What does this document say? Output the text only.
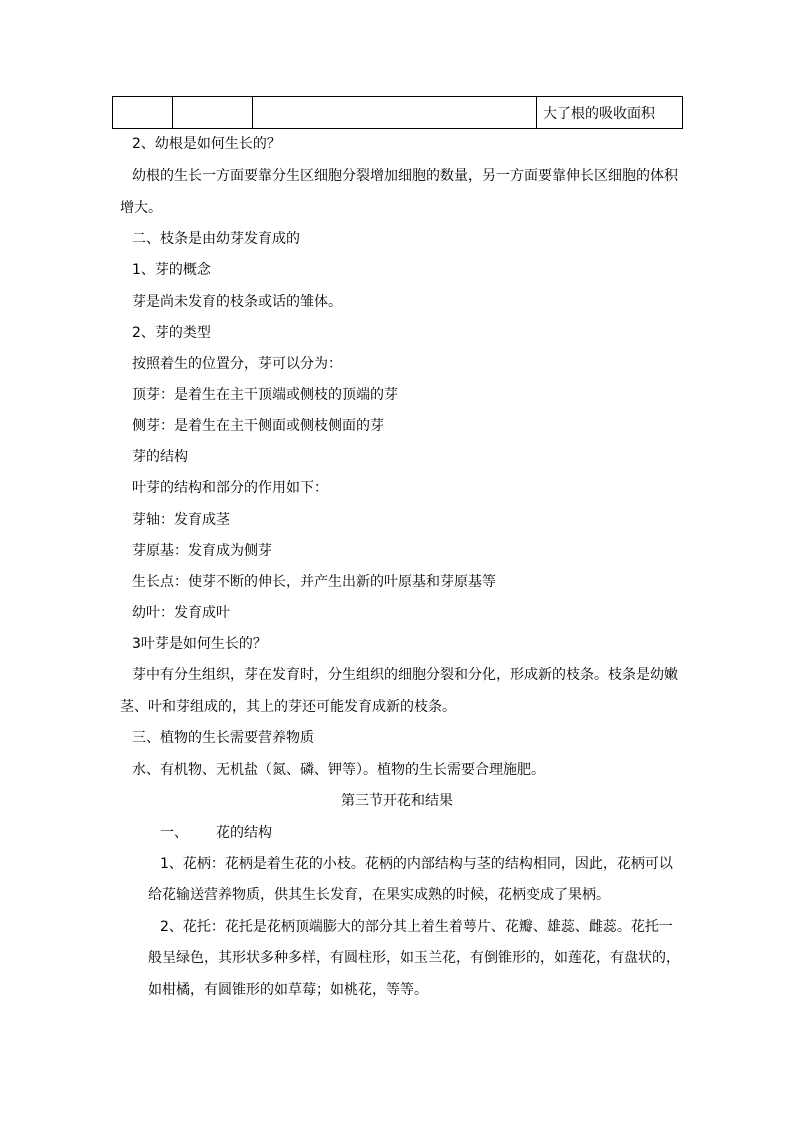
			大了根的吸收面积
2、幼根是如何生长的？
幼根的生长一方面要靠分生区细胞分裂增加细胞的数量，另一方面要靠伸长区细胞的体积
增大。
二、枝条是由幼芽发育成的
1、芽的概念
芽是尚未发育的枝条或话的雏体。
2、芽的类型
按照着生的位置分，芽可以分为：
顶芽：是着生在主干顶端或侧枝的顶端的芽
侧芽：是着生在主干侧面或侧枝侧面的芽
芽的结构
叶芽的结构和部分的作用如下：
芽轴：发育成茎
芽原基：发育成为侧芽
生长点：使芽不断的伸长，并产生出新的叶原基和芽原基等
幼叶：发育成叶
3叶芽是如何生长的？
芽中有分生组织，芽在发育时，分生组织的细胞分裂和分化，形成新的枝条。枝条是幼嫩
茎、叶和芽组成的，其上的芽还可能发育成新的枝条。
三、植物的生长需要营养物质
水、有机物、无机盐（氮、磷、钾等）。植物的生长需要合理施肥。
第三节开花和结果
一、 花的结构
1、花柄：花柄是着生花的小枝。花柄的内部结构与茎的结构相同，因此，花柄可以
给花输送营养物质，供其生长发育，在果实成熟的时候，花柄变成了果柄。
2、花托：花托是花柄顶端膨大的部分其上着生着萼片、花瓣、雄蕊、雌蕊。花托一
般呈绿色，其形状多种多样，有圆柱形，如玉兰花，有倒锥形的，如莲花，有盘状的，
如柑橘，有圆锥形的如草莓；如桃花，等等。
